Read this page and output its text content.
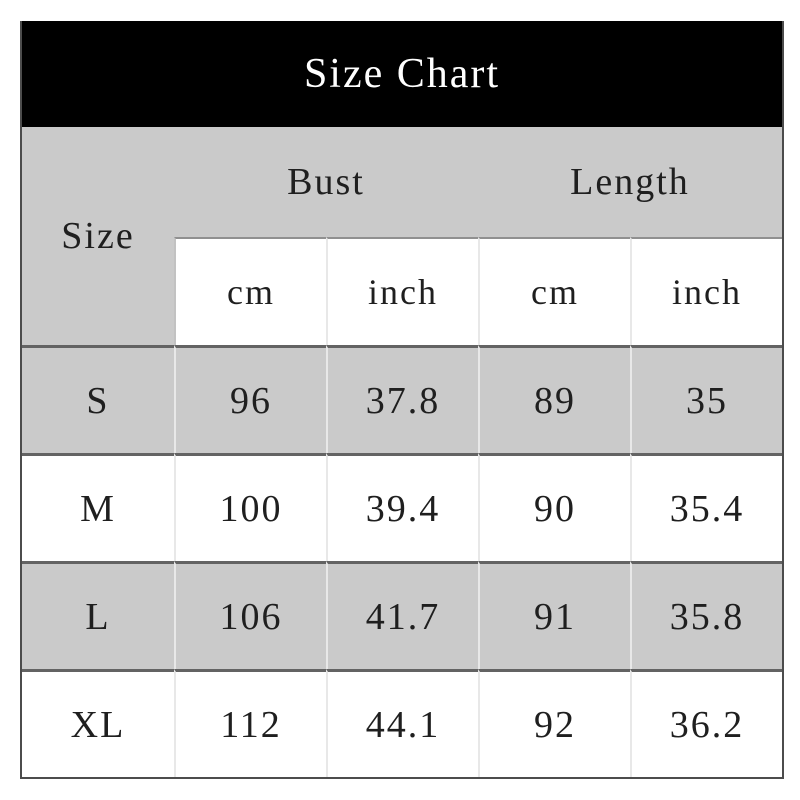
Size Chart
Size
Bust	Length
cm	inch	cm	inch
S	96	37.8	89	35
M	100	39.4	90	35.4
L	106	41.7	91	35.8
XL	112	44.1	92	36.2
